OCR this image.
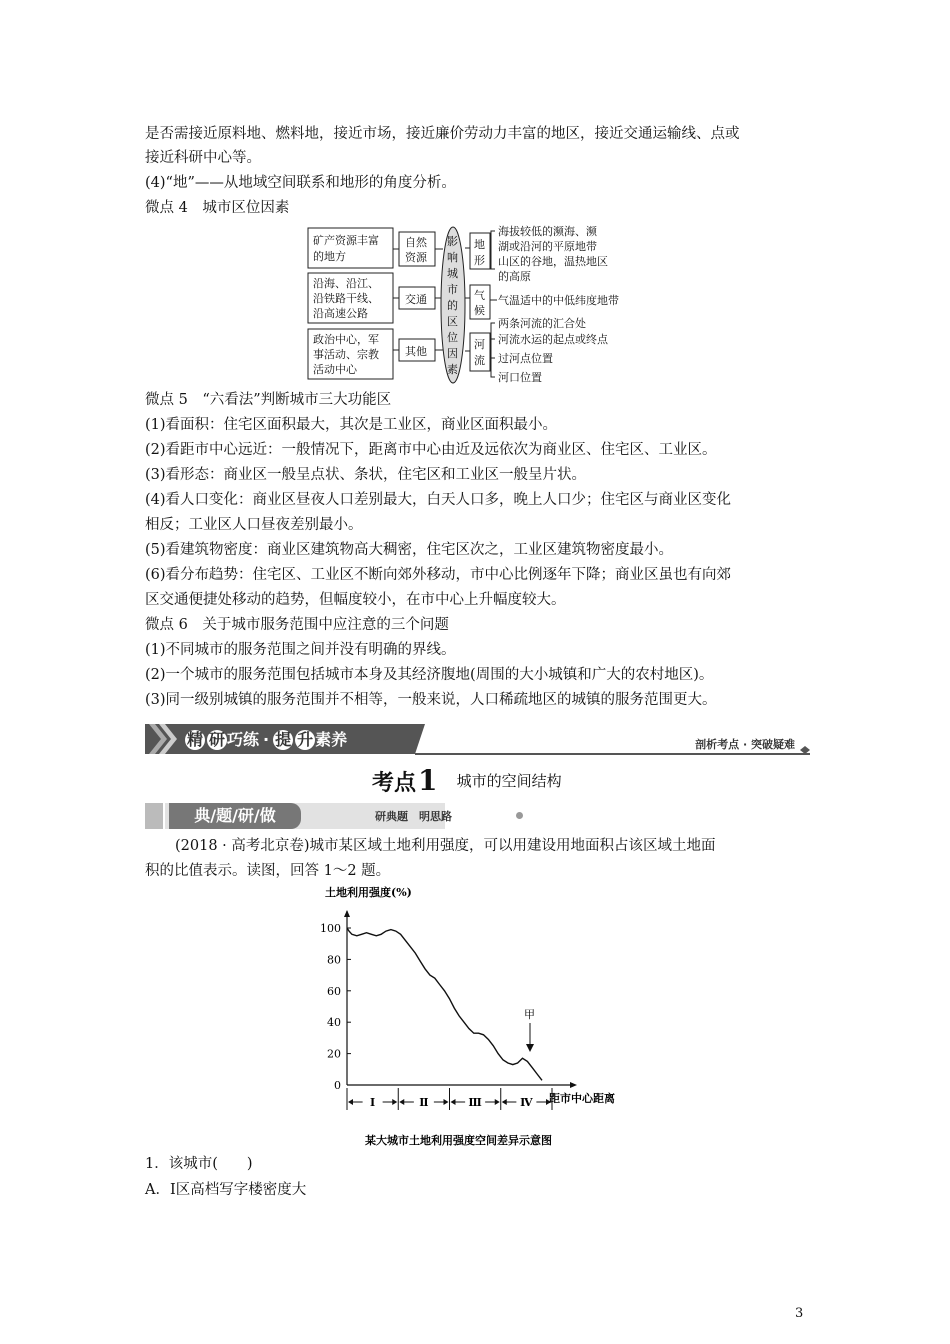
是否需接近原料地、燃料地，接近市场，接近廉价劳动力丰富的地区，接近交通运输线、点或
接近科研中心等。
(4)“地”——从地域空间联系和地形的角度分析。
微点 4　城市区位因素
矿产资源丰富
的地方
沿海、沿江、
沿铁路干线、
沿高速公路
政治中心，军
事活动、宗教
活动中心
自然
资源
交通
其他
影
响
城
市
的
区
位
因
素
地
形
气
候
河
流
海拔较低的濒海、濒
湖或沿河的平原地带
山区的谷地，温热地区
的高原
气温适中的中低纬度地带
两条河流的汇合处
河流水运的起点或终点
过河点位置
河口位置
微点 5　“六看法”判断城市三大功能区
(1)看面积：住宅区面积最大，其次是工业区，商业区面积最小。
(2)看距市中心远近：一般情况下，距离市中心由近及远依次为商业区、住宅区、工业区。
(3)看形态：商业区一般呈点状、条状，住宅区和工业区一般呈片状。
(4)看人口变化：商业区昼夜人口差别最大，白天人口多，晚上人口少；住宅区与商业区变化
相反；工业区人口昼夜差别最小。
(5)看建筑物密度：商业区建筑物高大稠密，住宅区次之，工业区建筑物密度最小。
(6)看分布趋势：住宅区、工业区不断向郊外移动，市中心比例逐年下降；商业区虽也有向郊
区交通便捷处移动的趋势，但幅度较小，在市中心上升幅度较大。
微点 6　关于城市服务范围中应注意的三个问题
(1)不同城市的服务范围之间并没有明确的界线。
(2)一个城市的服务范围包括城市本身及其经济腹地(周围的大小城镇和广大的农村地区)。
(3)同一级别城镇的服务范围并不相等，一般来说，人口稀疏地区的城镇的服务范围更大。
精 研 巧练 · 提 升 素养	剖析考点 · 突破疑难
考点1 城市的空间结构
典/题/研/做	研典题　明思路
(2018 · 高考北京卷)城市某区域土地利用强度，可以用建设用地面积占该区域土地面
积的比值表示。读图，回答 1～2 题。
土地利用强度(%)
0
20
40
60
80
100
Ⅰ	Ⅱ	Ⅲ	Ⅳ 距市中心距离
甲
某大城市土地利用强度空间差异示意图
1．该城市(　　)
A．Ⅰ区高档写字楼密度大
3
